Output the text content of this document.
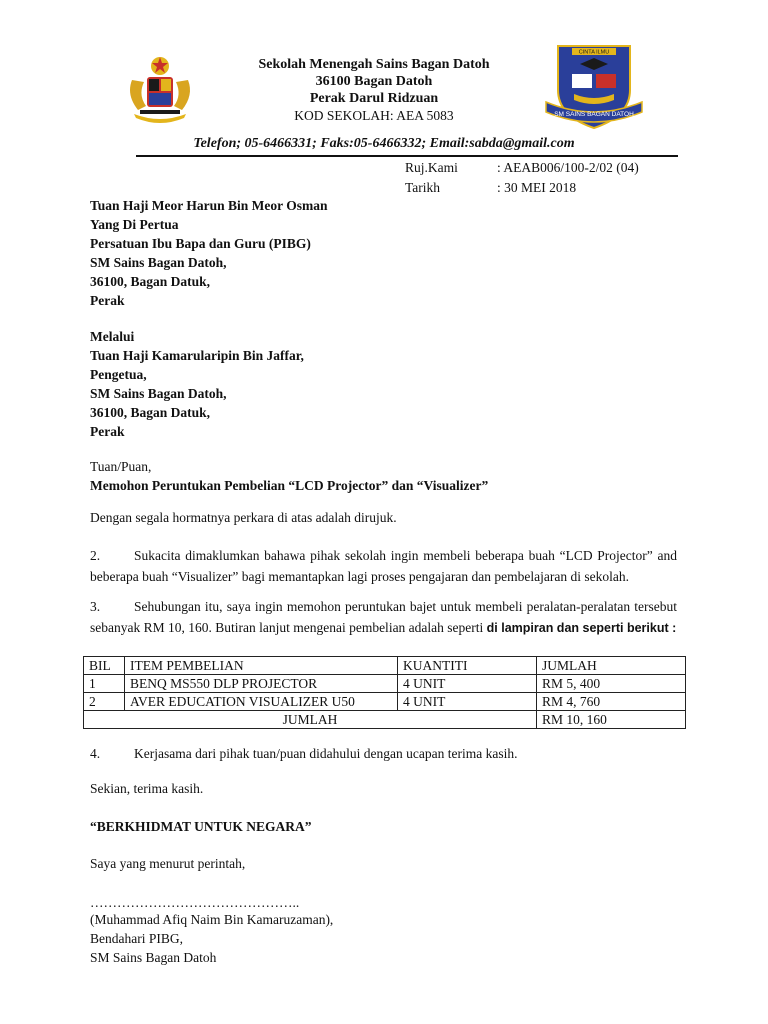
SM SAINS BAGAN DATOH
CINTA ILMU
Sekolah Menengah Sains Bagan Datoh
36100 Bagan Datoh
Perak Darul Ridzuan
KOD SEKOLAH: AEA 5083
Telefon; 05-6466331; Faks:05-6466332; Email:sabda@gmail.com
Ruj.Kami	: AEAB006/100-2/02 (04)
Tarikh	: 30 MEI 2018
Tuan Haji Meor Harun Bin Meor Osman
Yang Di Pertua
Persatuan Ibu Bapa dan Guru (PIBG)
SM Sains Bagan Datoh,
36100, Bagan Datuk,
Perak
Melalui
Tuan Haji Kamarularipin Bin Jaffar,
Pengetua,
SM Sains Bagan Datoh,
36100, Bagan Datuk,
Perak
Tuan/Puan,
Memohon Peruntukan Pembelian “LCD Projector” dan “Visualizer”
Dengan segala hormatnya perkara di atas adalah dirujuk.
2.	Sukacita dimaklumkan bahawa pihak sekolah ingin membeli beberapa buah “LCD Projector” and beberapa buah “Visualizer” bagi memantapkan lagi proses pengajaran dan pembelajaran di sekolah.
3.	Sehubungan itu, saya ingin memohon peruntukan bajet untuk membeli peralatan-peralatan tersebut sebanyak RM 10, 160. Butiran lanjut mengenai pembelian adalah seperti di lampiran dan seperti berikut :
BIL	ITEM PEMBELIAN	KUANTITI	JUMLAH
1	BENQ MS550 DLP PROJECTOR	4 UNIT	RM 5, 400
2	AVER EDUCATION VISUALIZER U50	4 UNIT	RM 4, 760
JUMLAH			RM 10, 160
4.	Kerjasama dari pihak tuan/puan didahului dengan ucapan terima kasih.
Sekian, terima kasih.
“BERKHIDMAT UNTUK NEGARA”
Saya yang menurut perintah,
………………………………………..
(Muhammad Afiq Naim Bin Kamaruzaman),
Bendahari PIBG,
SM Sains Bagan Datoh
